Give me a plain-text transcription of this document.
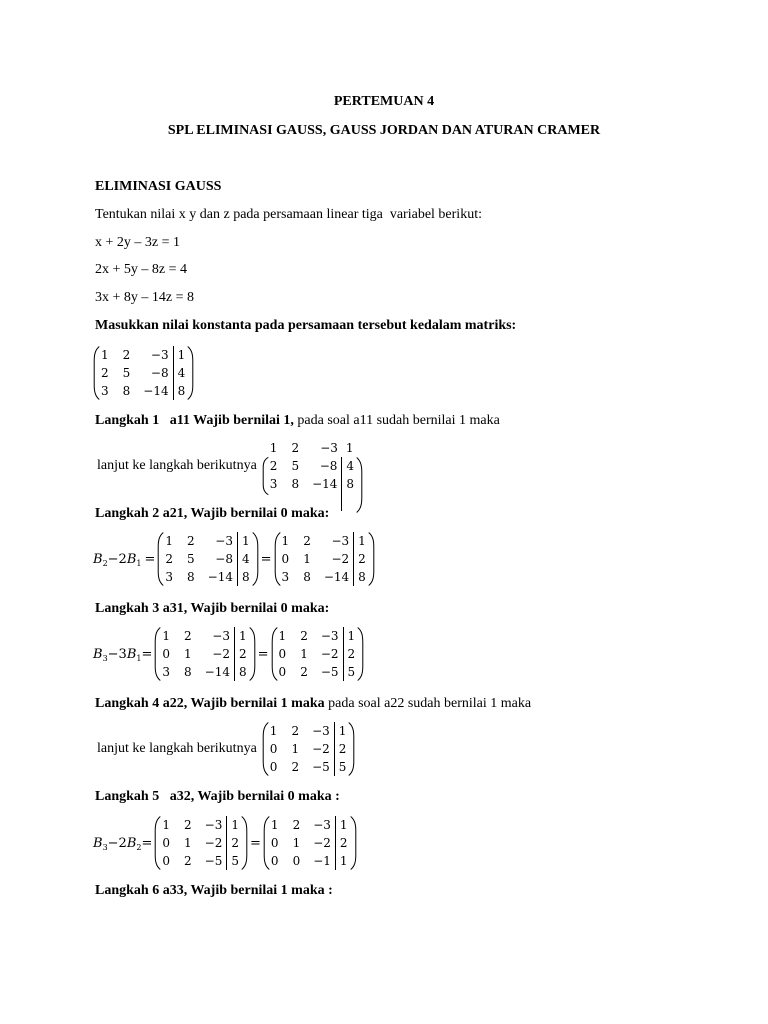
PERTEMUAN 4
SPL ELIMINASI GAUSS, GAUSS JORDAN DAN ATURAN CRAMER
ELIMINASI GAUSS
Tentukan nilai x y dan z pada persamaan linear tiga  variabel berikut:
x + 2y – 3z = 1
2x + 5y – 8z = 4
3x + 8y – 14z = 8
Masukkan nilai konstanta pada persamaan tersebut kedalam matriks:
1	2	−3	1
2	5	−8	4
3	8	−14	8
Langkah 1   a11 Wajib bernilai 1, pada soal a11 sudah bernilai 1 maka
lanjut ke langkah berikutnya
1	2	−3	1
2	5	−8	4
3	8	−14	8

Langkah 2 a21, Wajib bernilai 0 maka:
$B_2-2B_1$ =
1	2	−3	1
2	5	−8	4
3	8	−14	8
=
1	2	−3	1
0	1	−2	2
3	8	−14	8
Langkah 3 a31, Wajib bernilai 0 maka:
$B_3-3B_1=$
1	2	−3	1
0	1	−2	2
3	8	−14	8
=
1	2	−3	1
0	1	−2	2
0	2	−5	5
Langkah 4 a22, Wajib bernilai 1 maka pada soal a22 sudah bernilai 1 maka
lanjut ke langkah berikutnya
1	2	−3	1
0	1	−2	2
0	2	−5	5
Langkah 5   a32, Wajib bernilai 0 maka :
$B_3-2B_2=$
1	2	−3	1
0	1	−2	2
0	2	−5	5
=
1	2	−3	1
0	1	−2	2
0	0	−1	1
Langkah 6 a33, Wajib bernilai 1 maka :
